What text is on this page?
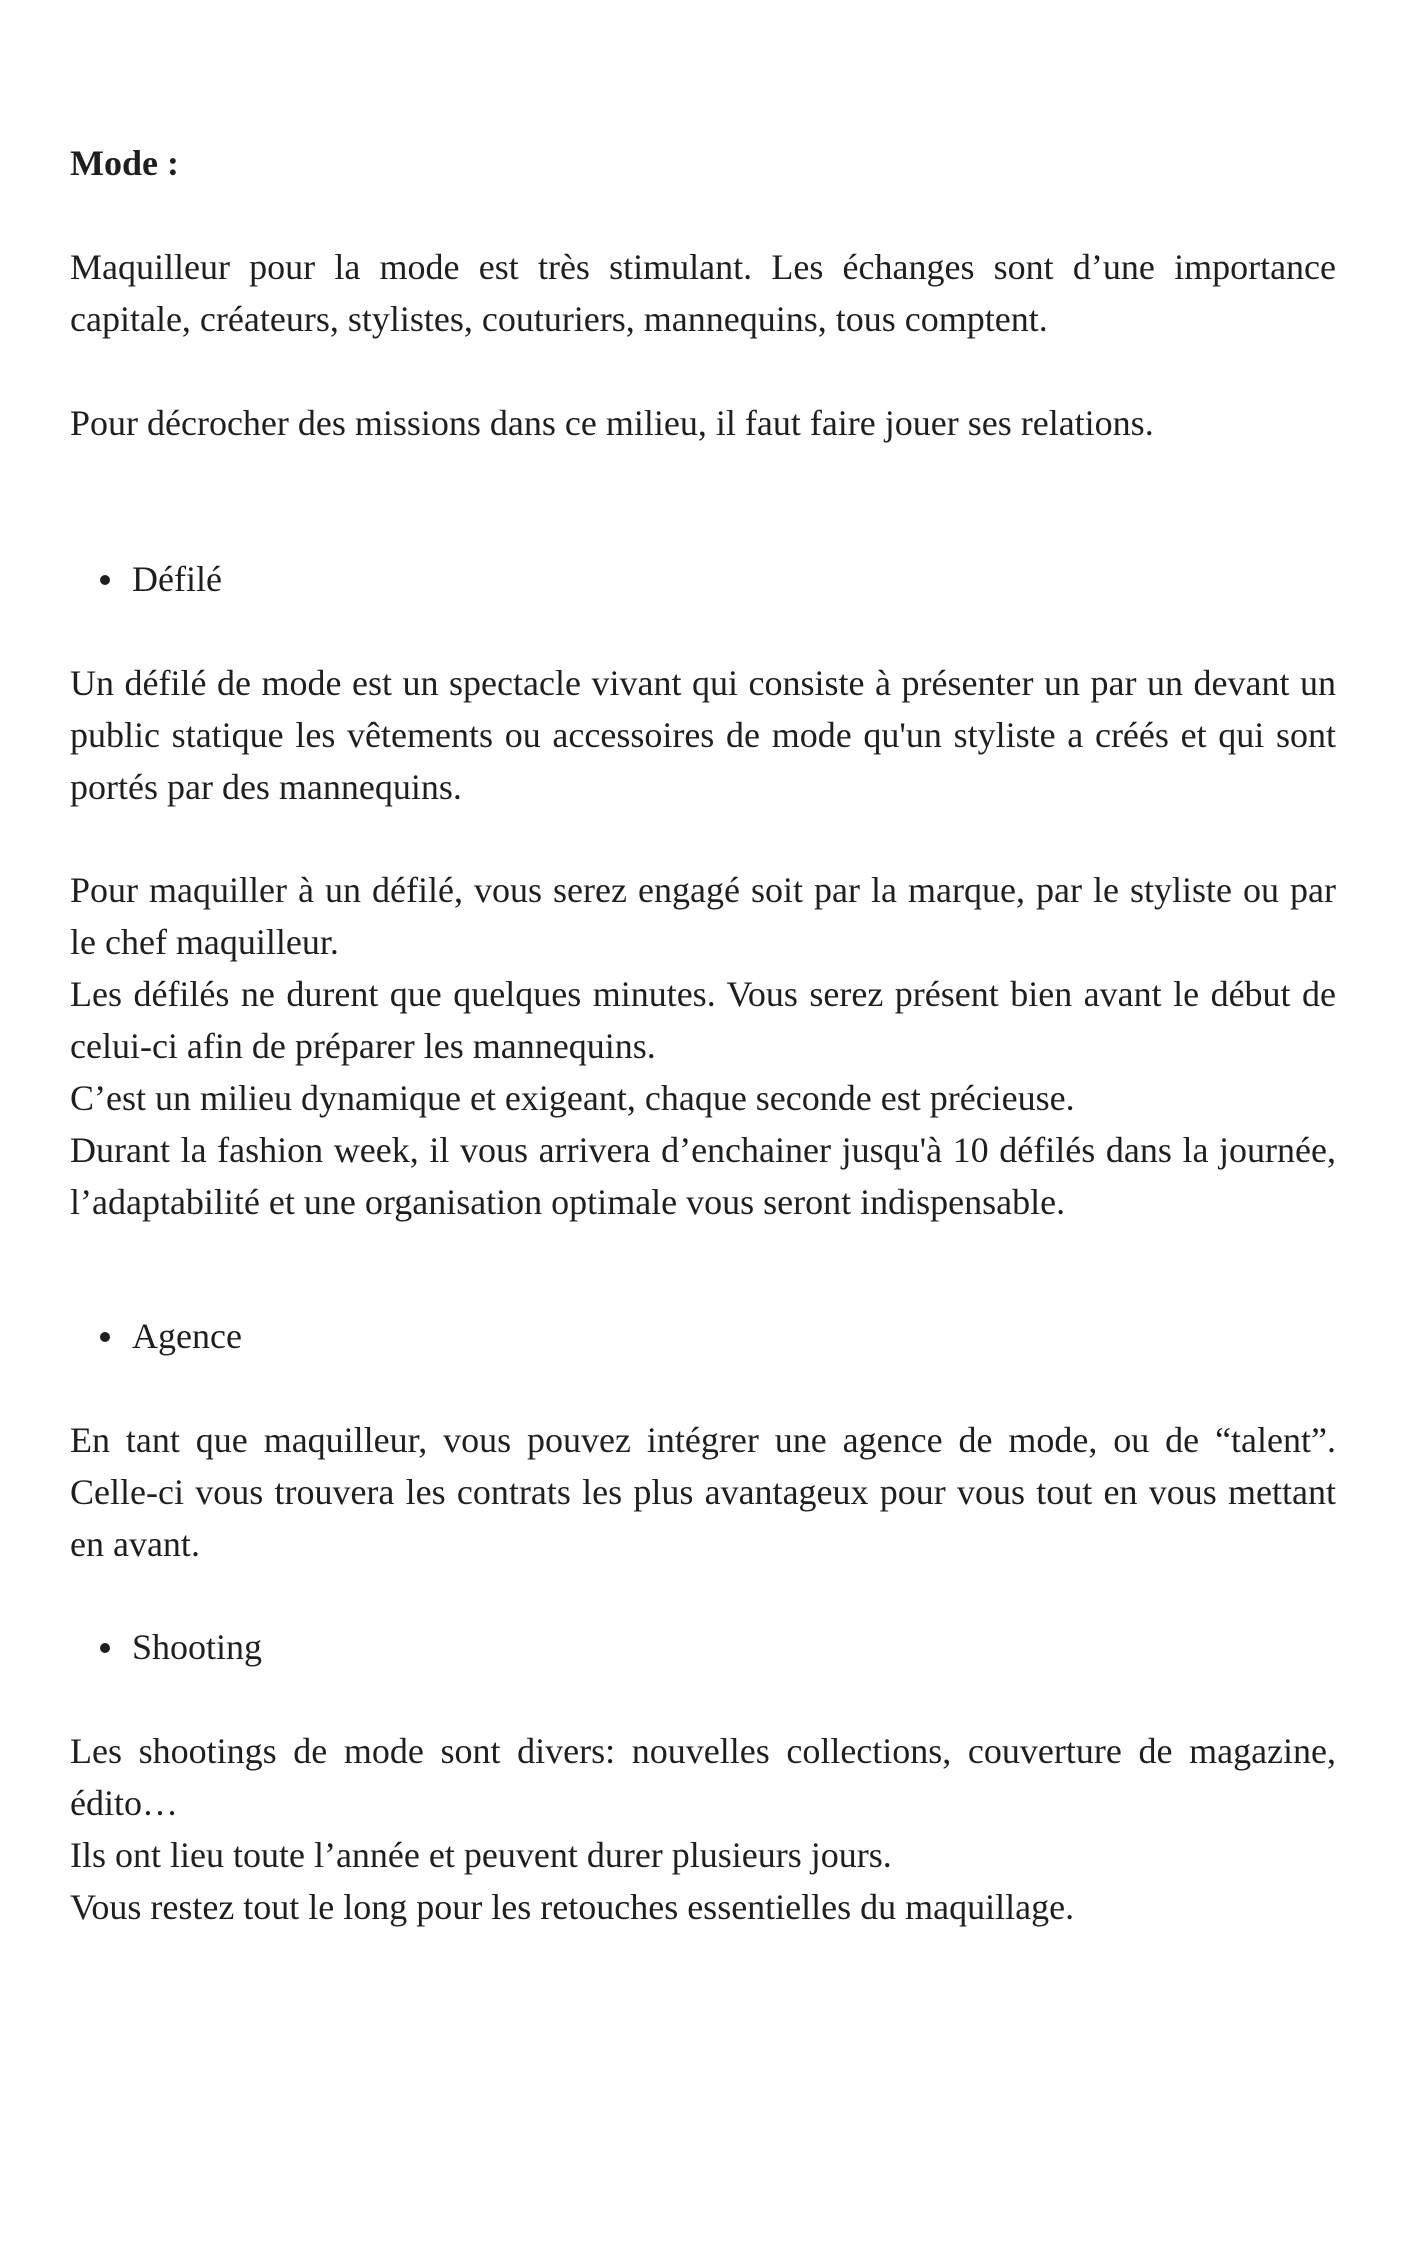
Mode :

Maquilleur pour la mode est très stimulant. Les échanges sont d’une importance capitale, créateurs, stylistes, couturiers, mannequins, tous comptent.

Pour décrocher des missions dans ce milieu, il faut faire jouer ses relations.

Défilé

Un défilé de mode est un spectacle vivant qui consiste à présenter un par un devant un public statique les vêtements ou accessoires de mode qu'un styliste a créés et qui sont portés par des mannequins.

Pour maquiller à un défilé, vous serez engagé soit par la marque, par le styliste ou par le chef maquilleur.

Les défilés ne durent que quelques minutes. Vous serez présent bien avant le début de celui-ci afin de préparer les mannequins.

C’est un milieu dynamique et exigeant, chaque seconde est précieuse.

Durant la fashion week, il vous arrivera d’enchainer jusqu'à 10 défilés dans la journée, l’adaptabilité et une organisation optimale vous seront indispensable.

Agence

En tant que maquilleur, vous pouvez intégrer une agence de mode, ou de “talent”. Celle-ci vous trouvera les contrats les plus avantageux pour vous tout en vous mettant en avant.

Shooting

Les shootings de mode sont divers: nouvelles collections, couverture de magazine, édito…

Ils ont lieu toute l’année et peuvent durer plusieurs jours.

Vous restez tout le long pour les retouches essentielles du maquillage.
